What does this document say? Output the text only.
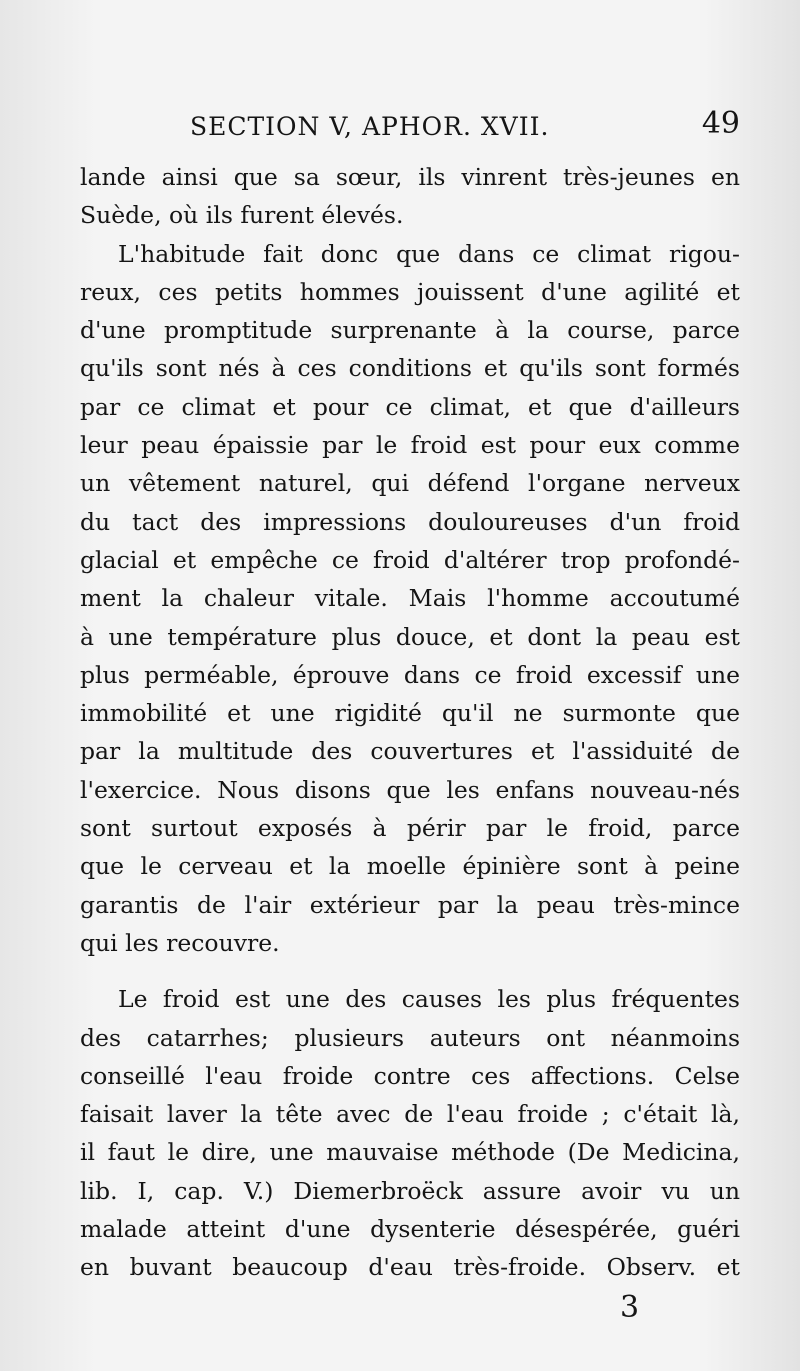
SECTION V, APHOR. XVII.	49
lande ainsi que sa sœur, ils vinrent très-jeunes en
Suède, où ils furent élevés.
L'habitude fait donc que dans ce climat rigou-
reux, ces petits hommes jouissent d'une agilité et
d'une promptitude surprenante à la course, parce
qu'ils sont nés à ces conditions et qu'ils sont formés
par ce climat et pour ce climat, et que d'ailleurs
leur peau épaissie par le froid est pour eux comme
un vêtement naturel, qui défend l'organe nerveux
du tact des impressions douloureuses d'un froid
glacial et empêche ce froid d'altérer trop profondé-
ment la chaleur vitale. Mais l'homme accoutumé
à une température plus douce, et dont la peau est
plus perméable, éprouve dans ce froid excessif une
immobilité et une rigidité qu'il ne surmonte que
par la multitude des couvertures et l'assiduité de
l'exercice. Nous disons que les enfans nouveau-nés
sont surtout exposés à périr par le froid, parce
que le cerveau et la moelle épinière sont à peine
garantis de l'air extérieur par la peau très-mince
qui les recouvre.
Le froid est une des causes les plus fréquentes
des catarrhes; plusieurs auteurs ont néanmoins
conseillé l'eau froide contre ces affections. Celse
faisait laver la tête avec de l'eau froide ; c'était là,
il faut le dire, une mauvaise méthode (De Medicina,
lib. I, cap. V.) Diemerbroëck assure avoir vu un
malade atteint d'une dysenterie désespérée, guéri
en buvant beaucoup d'eau très-froide. Observ. et
3
